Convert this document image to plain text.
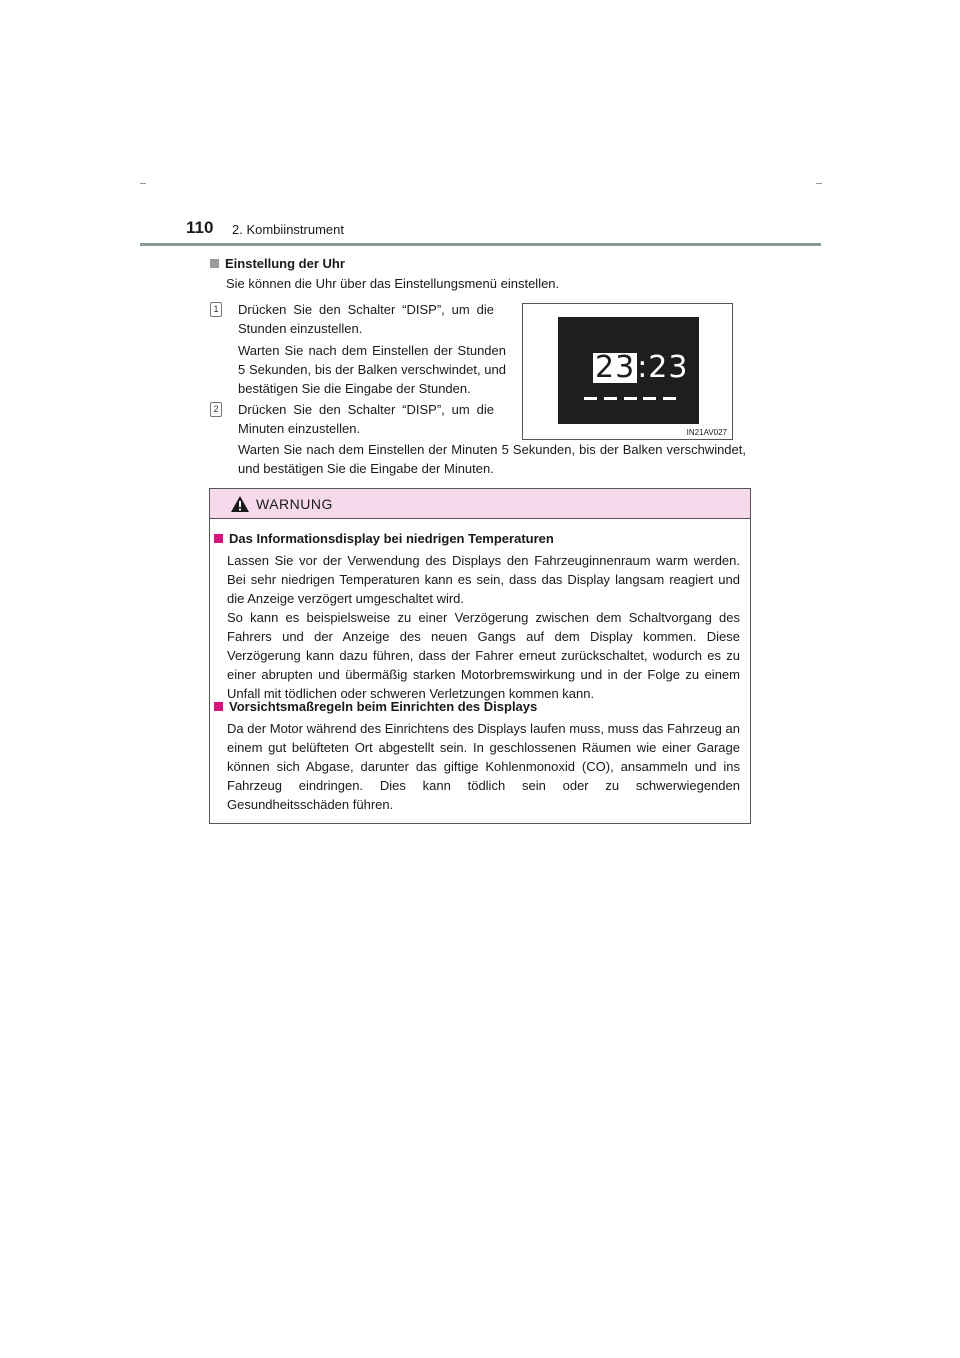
110 2. Kombiinstrument
Einstellung der Uhr
Sie können die Uhr über das Einstellungsmenü einstellen.
1 Drücken Sie den Schalter “DISP”, um die Stunden einzustellen.
Warten Sie nach dem Einstellen der Stunden 5 Sekunden, bis der Balken verschwindet, und bestätigen Sie die Eingabe der Stunden.
2 Drücken Sie den Schalter “DISP”, um die Minuten einzustellen.
Warten Sie nach dem Einstellen der Minuten 5 Sekunden, bis der Balken verschwindet, und bestätigen Sie die Eingabe der Minuten.
23:23
IN21AV027
WARNUNG
Das Informationsdisplay bei niedrigen Temperaturen

Lassen Sie vor der Verwendung des Displays den Fahrzeuginnenraum warm werden. Bei sehr niedrigen Temperaturen kann es sein, dass das Display langsam reagiert und die Anzeige verzögert umgeschaltet wird.

So kann es beispielsweise zu einer Verzögerung zwischen dem Schaltvorgang des Fahrers und der Anzeige des neuen Gangs auf dem Display kommen. Diese Verzögerung kann dazu führen, dass der Fahrer erneut zurückschaltet, wodurch es zu einer abrupten und übermäßig starken Motorbremswirkung und in der Folge zu einem Unfall mit tödlichen oder schweren Verletzungen kommen kann.

Vorsichtsmaßregeln beim Einrichten des Displays

Da der Motor während des Einrichtens des Displays laufen muss, muss das Fahrzeug an einem gut belüfteten Ort abgestellt sein. In geschlossenen Räumen wie einer Garage können sich Abgase, darunter das giftige Kohlenmonoxid (CO), ansammeln und ins Fahrzeug eindringen. Dies kann tödlich sein oder zu schwerwiegenden Gesundheitsschäden führen.
